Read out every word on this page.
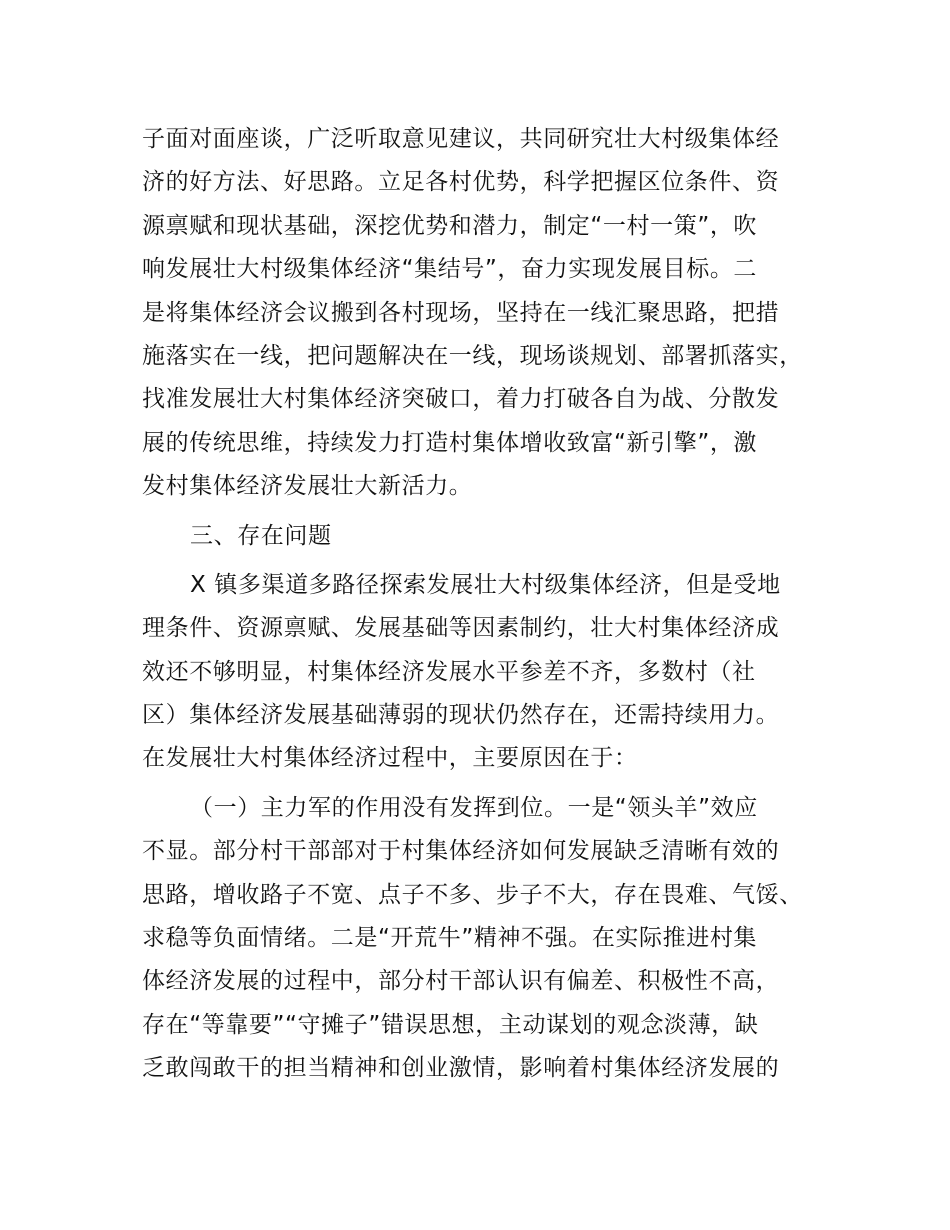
子面对面座谈，广泛听取意见建议，共同研究壮大村级集体经
济的好方法、好思路。立足各村优势，科学把握区位条件、资
源禀赋和现状基础，深挖优势和潜力，制定“一村一策”，吹
响发展壮大村级集体经济“集结号”，奋力实现发展目标。二
是将集体经济会议搬到各村现场，坚持在一线汇聚思路，把措
施落实在一线，把问题解决在一线，现场谈规划、部署抓落实，
找准发展壮大村集体经济突破口，着力打破各自为战、分散发
展的传统思维，持续发力打造村集体增收致富“新引擎”，激
发村集体经济发展壮大新活力。
三、存在问题
X 镇多渠道多路径探索发展壮大村级集体经济，但是受地
理条件、资源禀赋、发展基础等因素制约，壮大村集体经济成
效还不够明显，村集体经济发展水平参差不齐，多数村（社
区）集体经济发展基础薄弱的现状仍然存在，还需持续用力。
在发展壮大村集体经济过程中，主要原因在于：
（一）主力军的作用没有发挥到位。一是“领头羊”效应
不显。部分村干部部对于村集体经济如何发展缺乏清晰有效的
思路，增收路子不宽、点子不多、步子不大，存在畏难、气馁、
求稳等负面情绪。二是“开荒牛”精神不强。在实际推进村集
体经济发展的过程中，部分村干部认识有偏差、积极性不高，
存在“等靠要”“守摊子”错误思想，主动谋划的观念淡薄，缺
乏敢闯敢干的担当精神和创业激情，影响着村集体经济发展的
